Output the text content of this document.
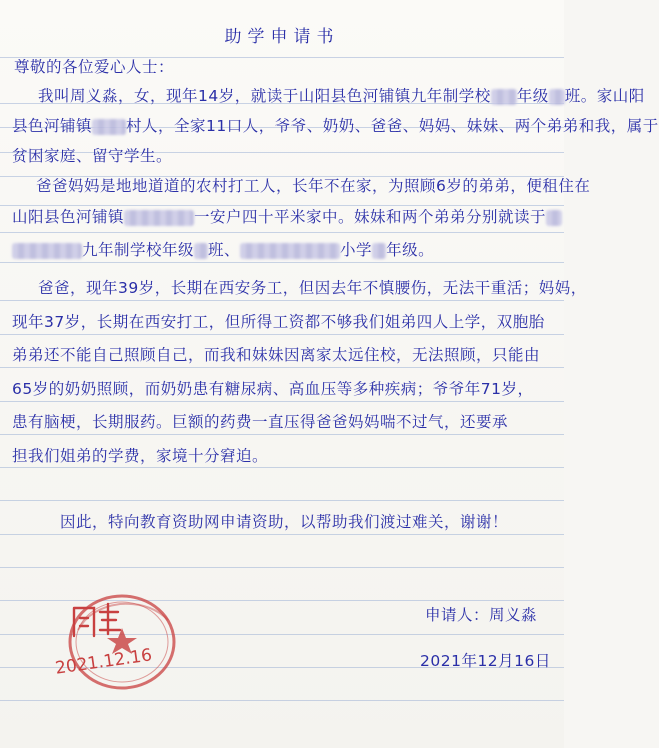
助学申请书
尊敬的各位爱心人士：
我叫周义淼，女，现年14岁，就读于山阳县色河铺镇九年制学校 年级 班。家山阳
县色河铺镇 村人，全家11口人，爷爷、奶奶、爸爸、妈妈、妹妹、两个弟弟和我，属于
贫困家庭、留守学生。
爸爸妈妈是地地道道的农村打工人，长年不在家，为照顾6岁的弟弟，便租住在
山阳县色河铺镇	一安户四十平米家中。妹妹和两个弟弟分别就读于
九年制学校年级 班、	小学 年级。
爸爸，现年39岁，长期在西安务工，但因去年不慎腰伤，无法干重活；妈妈，
现年37岁，长期在西安打工，但所得工资都不够我们姐弟四人上学，双胞胎
弟弟还不能自己照顾自己，而我和妹妹因离家太远住校，无法照顾，只能由
65岁的奶奶照顾，而奶奶患有糖尿病、高血压等多种疾病；爷爷年71岁，
患有脑梗，长期服药。巨额的药费一直压得爸爸妈妈喘不过气，还要承
担我们姐弟的学费，家境十分窘迫。
因此，特向教育资助网申请资助，以帮助我们渡过难关，谢谢！
申请人：周义淼
2021年12月16日
2021.12.16
